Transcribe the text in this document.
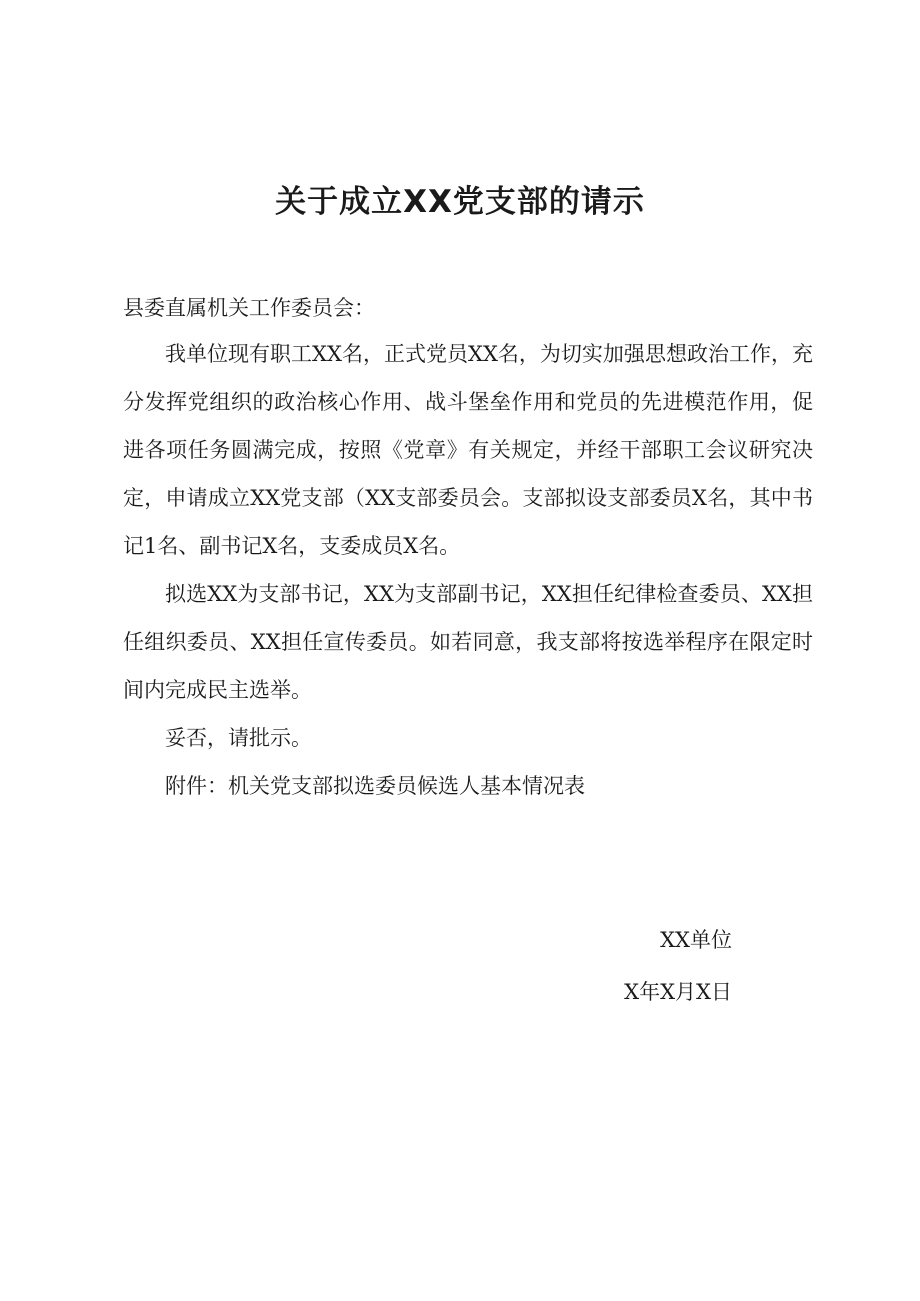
关于成立XX党支部的请示
县委直属机关工作委员会：

我单位现有职工XX名，正式党员XX名，为切实加强思想政治工作，充分发挥党组织的政治核心作用、战斗堡垒作用和党员的先进模范作用，促进各项任务圆满完成，按照《党章》有关规定，并经干部职工会议研究决定，申请成立XX党支部（XX支部委员会。支部拟设支部委员X名，其中书记1名、副书记X名，支委成员X名。

拟选XX为支部书记，XX为支部副书记，XX担任纪律检查委员、XX担任组织委员、XX担任宣传委员。如若同意，我支部将按选举程序在限定时间内完成民主选举。

妥否，请批示。

附件：机关党支部拟选委员候选人基本情况表

XX单位
X年X月X日
